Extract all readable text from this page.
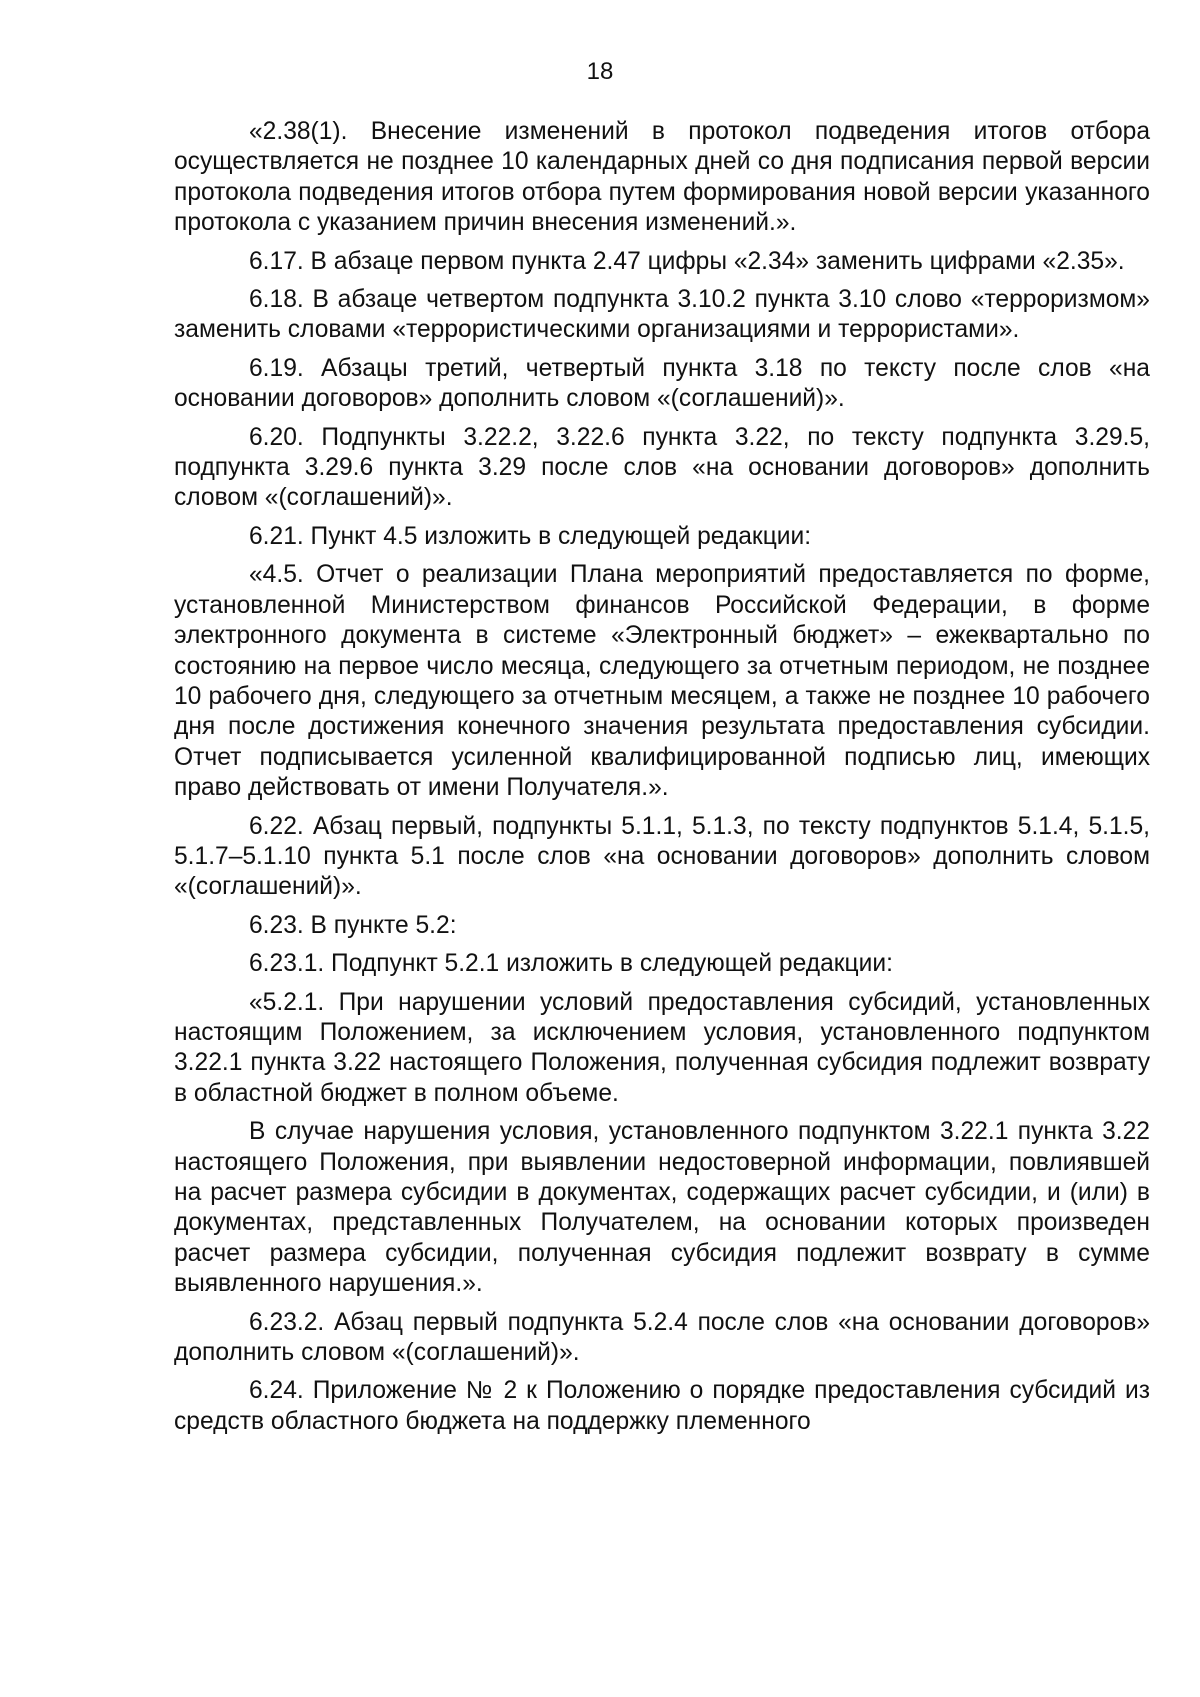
18

«2.38(1). Внесение изменений в протокол подведения итогов отбора осуществляется не позднее 10 календарных дней со дня подписания первой версии протокола подведения итогов отбора путем формирования новой версии указанного протокола с указанием причин внесения изменений.».

6.17. В абзаце первом пункта 2.47 цифры «2.34» заменить цифрами «2.35».

6.18. В абзаце четвертом подпункта 3.10.2 пункта 3.10 слово «терроризмом» заменить словами «террористическими организациями и террористами».

6.19. Абзацы третий, четвертый пункта 3.18 по тексту после слов «на основании договоров» дополнить словом «(соглашений)».

6.20. Подпункты 3.22.2, 3.22.6 пункта 3.22, по тексту подпункта 3.29.5, подпункта 3.29.6 пункта 3.29 после слов «на основании договоров» дополнить словом «(соглашений)».

6.21. Пункт 4.5 изложить в следующей редакции:

«4.5. Отчет о реализации Плана мероприятий предоставляется по форме, установленной Министерством финансов Российской Федерации, в форме электронного документа в системе «Электронный бюджет» – ежеквартально по состоянию на первое число месяца, следующего за отчетным периодом, не позднее 10 рабочего дня, следующего за отчетным месяцем, а также не позднее 10 рабочего дня после достижения конечного значения результата предоставления субсидии. Отчет подписывается усиленной квалифицированной подписью лиц, имеющих право действовать от имени Получателя.».

6.22. Абзац первый, подпункты 5.1.1, 5.1.3, по тексту подпунктов 5.1.4, 5.1.5, 5.1.7–5.1.10 пункта 5.1 после слов «на основании договоров» дополнить словом «(соглашений)».

6.23. В пункте 5.2:

6.23.1. Подпункт 5.2.1 изложить в следующей редакции:

«5.2.1. При нарушении условий предоставления субсидий, установленных настоящим Положением, за исключением условия, установленного подпунктом 3.22.1 пункта 3.22 настоящего Положения, полученная субсидия подлежит возврату в областной бюджет в полном объеме.

В случае нарушения условия, установленного подпунктом 3.22.1 пункта 3.22 настоящего Положения, при выявлении недостоверной информации, повлиявшей на расчет размера субсидии в документах, содержащих расчет субсидии, и (или) в документах, представленных Получателем, на основании которых произведен расчет размера субсидии, полученная субсидия подлежит возврату в сумме выявленного нарушения.».

6.23.2. Абзац первый подпункта 5.2.4 после слов «на основании договоров» дополнить словом «(соглашений)».

6.24. Приложение № 2 к Положению о порядке предоставления субсидий из средств областного бюджета на поддержку племенного
